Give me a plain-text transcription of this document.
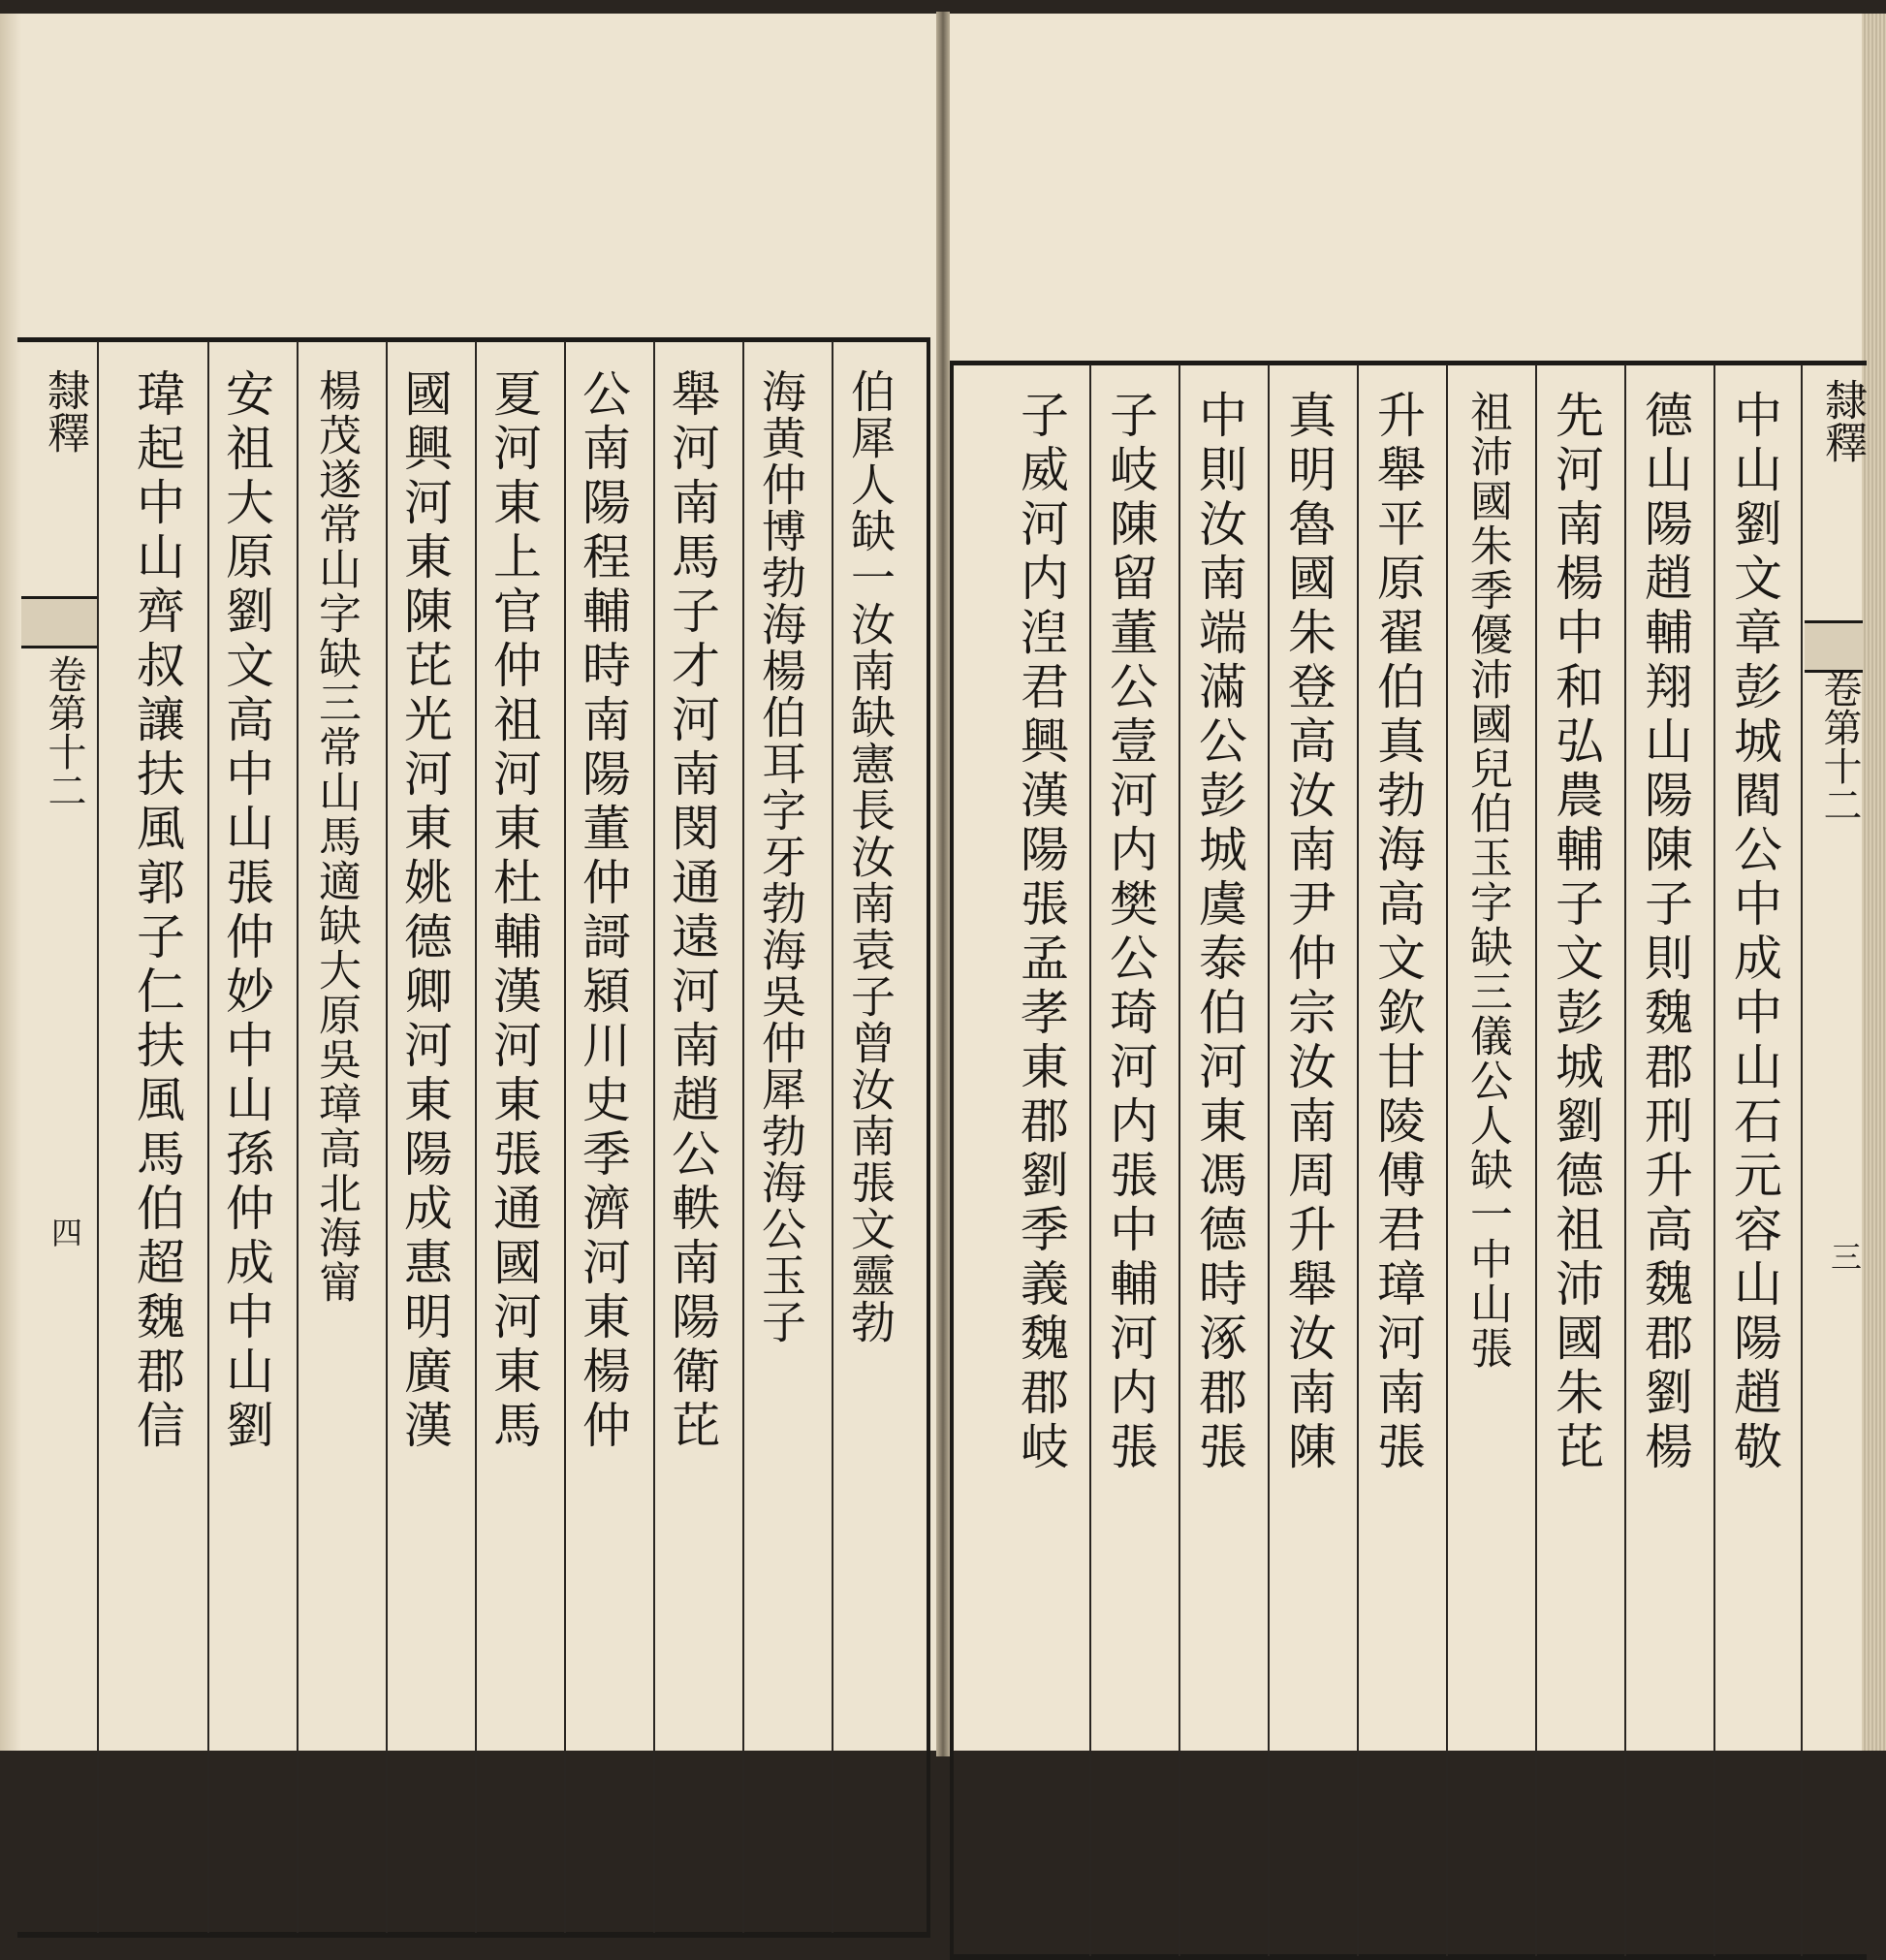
隸釋
卷第十二
三
中山劉文章彭城閻公中成中山石元容山陽趙敬
德山陽趙輔翔山陽陳子則魏郡刑升高魏郡劉楊
先河南楊中和弘農輔子文彭城劉德祖沛國朱芘
祖沛國朱季優沛國兒伯玉字缺三儀公人缺一中山張
升舉平原翟伯真勃海高文欽甘陵傅君璋河南張
真明魯國朱登高汝南尹仲宗汝南周升舉汝南陳
中則汝南端滿公彭城虞泰伯河東馮德時涿郡張
子岐陳留董公壹河内樊公琦河内張中輔河内張
子威河内湼君興漢陽張孟孝東郡劉季義魏郡岐
伯犀人缺一汝南缺憲長汝南袁子曾汝南張文靈勃
海黄仲博勃海楊伯耳字牙勃海吳仲犀勃海公玉子
舉河南馬子才河南閔通遠河南趙公軼南陽衛芘
公南陽程輔時南陽董仲謌潁川史季濟河東楊仲
夏河東上官仲祖河東杜輔漢河東張通國河東馬
國興河東陳芘光河東姚德卿河東陽成惠明廣漢
楊茂遂常山字缺三常山馬適缺大原吳璋高北海甯
安祖大原劉文高中山張仲妙中山孫仲成中山劉
瑋起中山齊叔讓扶風郭子仁扶風馬伯超魏郡信
隸釋
卷第十二
四
